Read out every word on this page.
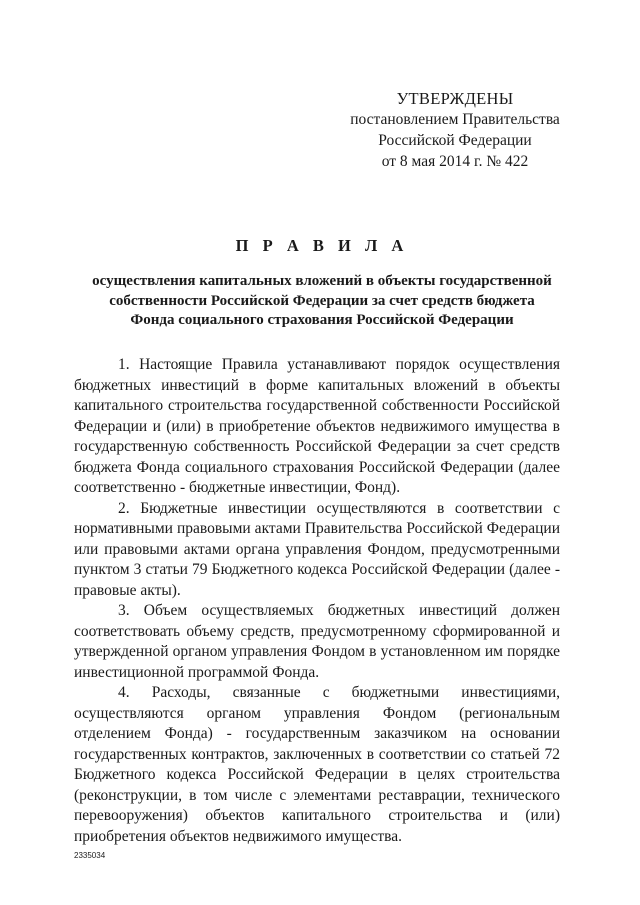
УТВЕРЖДЕНЫ
постановлением Правительства
Российской Федерации
от 8 мая 2014 г. № 422
П Р А В И Л А
осуществления капитальных вложений в объекты государственной
собственности Российской Федерации за счет средств бюджета
Фонда социального страхования Российской Федерации

1. Настоящие Правила устанавливают порядок осуществления бюджетных инвестиций в форме капитальных вложений в объекты капитального строительства государственной собственности Российской Федерации и (или) в приобретение объектов недвижимого имущества в государственную собственность Российской Федерации за счет средств бюджета Фонда социального страхования Российской Федерации (далее соответственно - бюджетные инвестиции, Фонд).

2. Бюджетные инвестиции осуществляются в соответствии с нормативными правовыми актами Правительства Российской Федерации или правовыми актами органа управления Фондом, предусмотренными пунктом 3 статьи 79 Бюджетного кодекса Российской Федерации (далее - правовые акты).

3. Объем осуществляемых бюджетных инвестиций должен соответствовать объему средств, предусмотренному сформированной и утвержденной органом управления Фондом в установленном им порядке инвестиционной программой Фонда.

4. Расходы, связанные с бюджетными инвестициями, осуществляются органом управления Фондом (региональным отделением Фонда) - государственным заказчиком на основании государственных контрактов, заключенных в соответствии со статьей 72 Бюджетного кодекса Российской Федерации в целях строительства (реконструкции, в том числе с элементами реставрации, технического перевооружения) объектов капитального строительства и (или) приобретения объектов недвижимого имущества.

2335034
